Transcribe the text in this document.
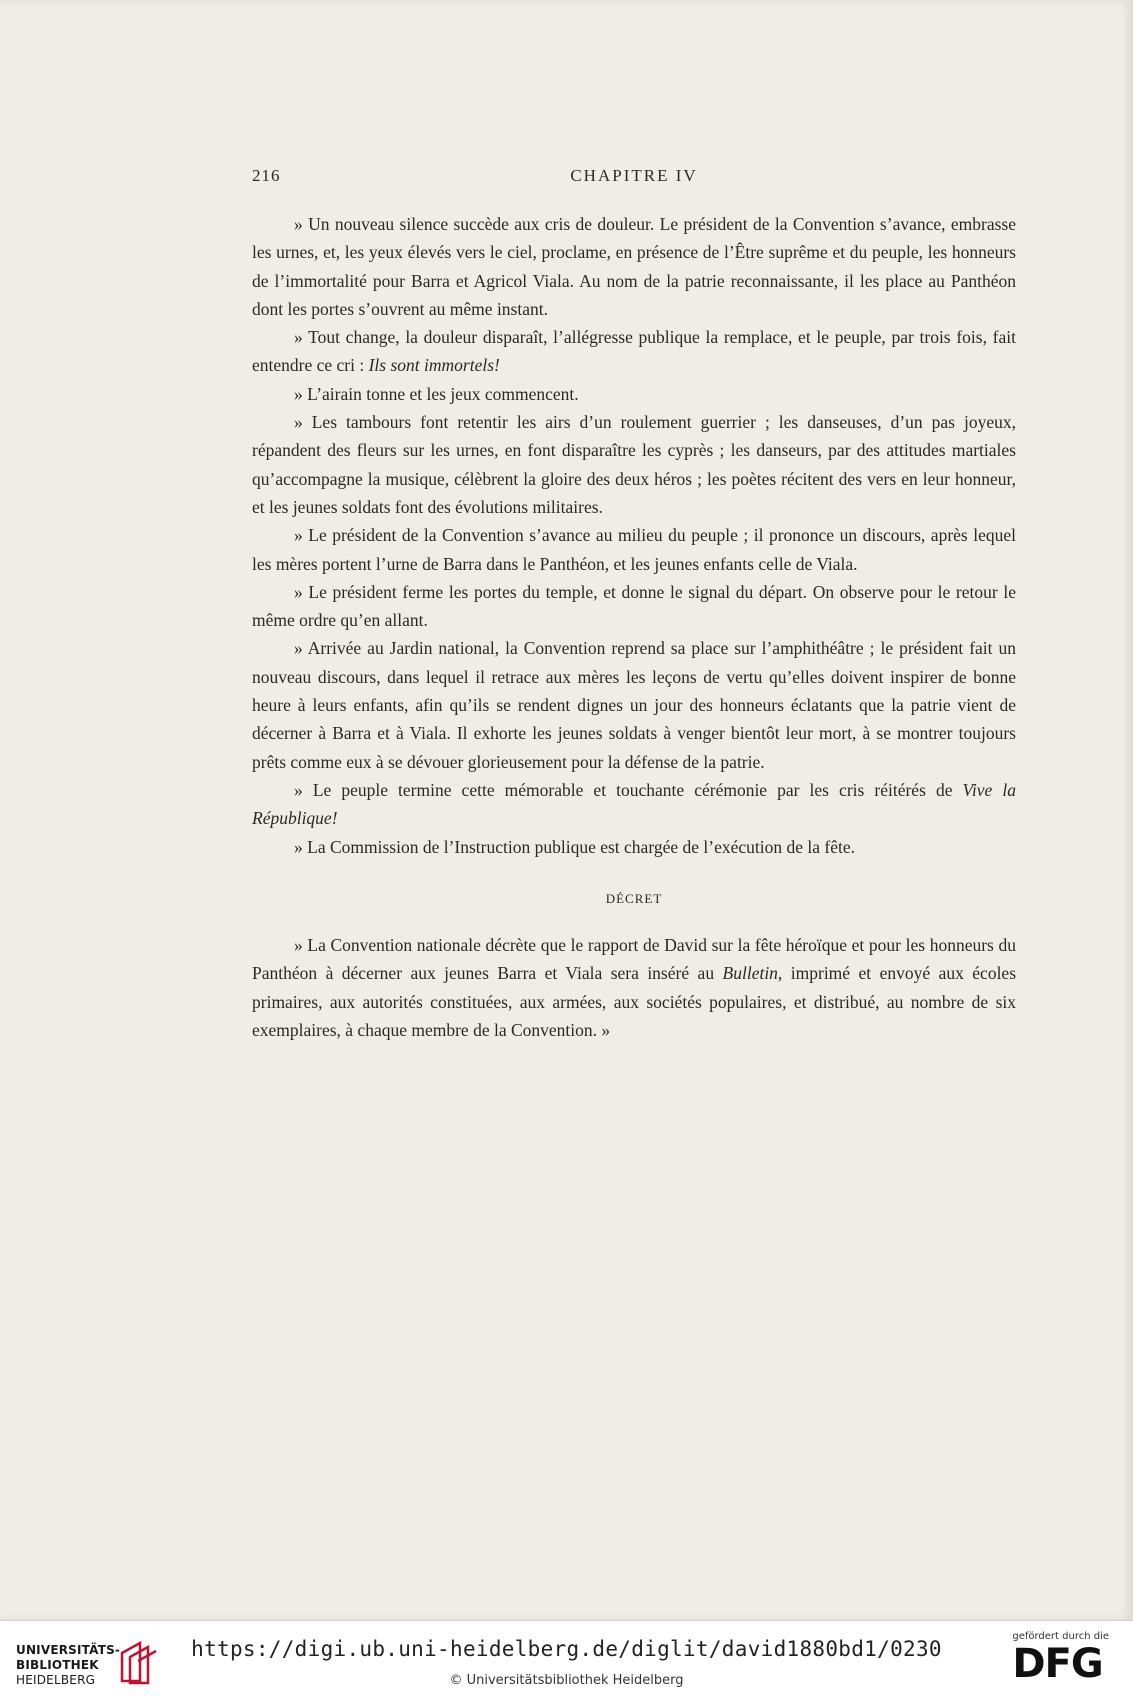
216	CHAPITRE IV

» Un nouveau silence succède aux cris de douleur. Le président de la Convention s’avance, embrasse les urnes, et, les yeux élevés vers le ciel, proclame, en présence de l’Être suprême et du peuple, les honneurs de l’immortalité pour Barra et Agricol Viala. Au nom de la patrie reconnaissante, il les place au Panthéon dont les portes s’ouvrent au même instant.

» Tout change, la douleur disparaît, l’allégresse publique la remplace, et le peuple, par trois fois, fait entendre ce cri : Ils sont immortels!

» L’airain tonne et les jeux commencent.

» Les tambours font retentir les airs d’un roulement guerrier ; les danseuses, d’un pas joyeux, répandent des fleurs sur les urnes, en font disparaître les cyprès ; les danseurs, par des attitudes martiales qu’accompagne la musique, célèbrent la gloire des deux héros ; les poètes récitent des vers en leur honneur, et les jeunes soldats font des évolutions militaires.

» Le président de la Convention s’avance au milieu du peuple ; il prononce un discours, après lequel les mères portent l’urne de Barra dans le Panthéon, et les jeunes enfants celle de Viala.

» Le président ferme les portes du temple, et donne le signal du départ. On observe pour le retour le même ordre qu’en allant.

» Arrivée au Jardin national, la Convention reprend sa place sur l’amphithéâtre ; le président fait un nouveau discours, dans lequel il retrace aux mères les leçons de vertu qu’elles doivent inspirer de bonne heure à leurs enfants, afin qu’ils se rendent dignes un jour des honneurs éclatants que la patrie vient de décerner à Barra et à Viala. Il exhorte les jeunes soldats à venger bientôt leur mort, à se montrer toujours prêts comme eux à se dévouer glorieusement pour la défense de la patrie.

» Le peuple termine cette mémorable et touchante cérémonie par les cris réitérés de Vive la République!

» La Commission de l’Instruction publique est chargée de l’exécution de la fête.

DÉCRET

» La Convention nationale décrète que le rapport de David sur la fête héroïque et pour les honneurs du Panthéon à décerner aux jeunes Barra et Viala sera inséré au Bulletin, imprimé et envoyé aux écoles primaires, aux autorités constituées, aux armées, aux sociétés populaires, et distribué, au nombre de six exemplaires, à chaque membre de la Convention. »

UNIVERSITÄTS-
BIBLIOTHEK
HEIDELBERG
https://digi.ub.uni-heidelberg.de/diglit/david1880bd1/0230
© Universitätsbibliothek Heidelberg
gefördert durch die
DFG
